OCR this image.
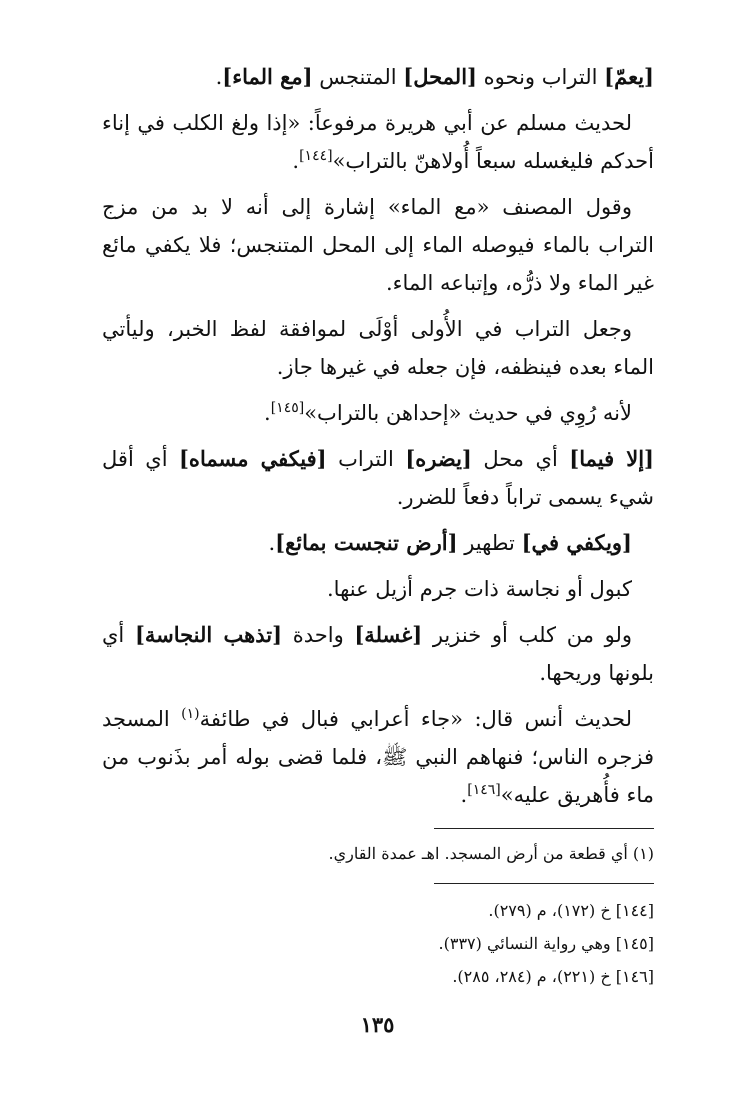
[يعمّ] التراب ونحوه [المحل] المتنجس [مع الماء].

لحديث مسلم عن أبي هريرة مرفوعاً: «إذا ولغ الكلب في إناء أحدكم فليغسله سبعاً أُولاهنّ بالتراب»[١٤٤].

وقول المصنف «مع الماء» إشارة إلى أنه لا بد من مزج التراب بالماء فيوصله الماء إلى المحل المتنجس؛ فلا يكفي مائع غير الماء ولا ذرُّه، وإتباعه الماء.

وجعل التراب في الأُولى أوْلَى لموافقة لفظ الخبر، وليأتي الماء بعده فينظفه، فإن جعله في غيرها جاز.

لأنه رُوِي في حديث «إحداهن بالتراب»[١٤٥].

[إلا فيما] أي محل [يضره] التراب [فيكفي مسماه] أي أقل شيء يسمى تراباً دفعاً للضرر.

[ويكفي في] تطهير [أرض تنجست بمائع].

كبول أو نجاسة ذات جرم أزيل عنها.

ولو من كلب أو خنزير [غسلة] واحدة [تذهب النجاسة] أي بلونها وريحها.

لحديث أنس قال: «جاء أعرابي فبال في طائفة$^{(١)}$ المسجد فزجره الناس؛ فنهاهم النبي ﷺ، فلما قضى بوله أمر بذَنوب من ماء فأُهريق عليه»[١٤٦].

(١) أي قطعة من أرض المسجد. اهـ عمدة القاري.

[١٤٤] خ (١٧٢)، م (٢٧٩).

[١٤٥] وهي رواية النسائي (٣٣٧).

[١٤٦] خ (٢٢١)، م (٢٨٤، ٢٨٥).

١٣٥
